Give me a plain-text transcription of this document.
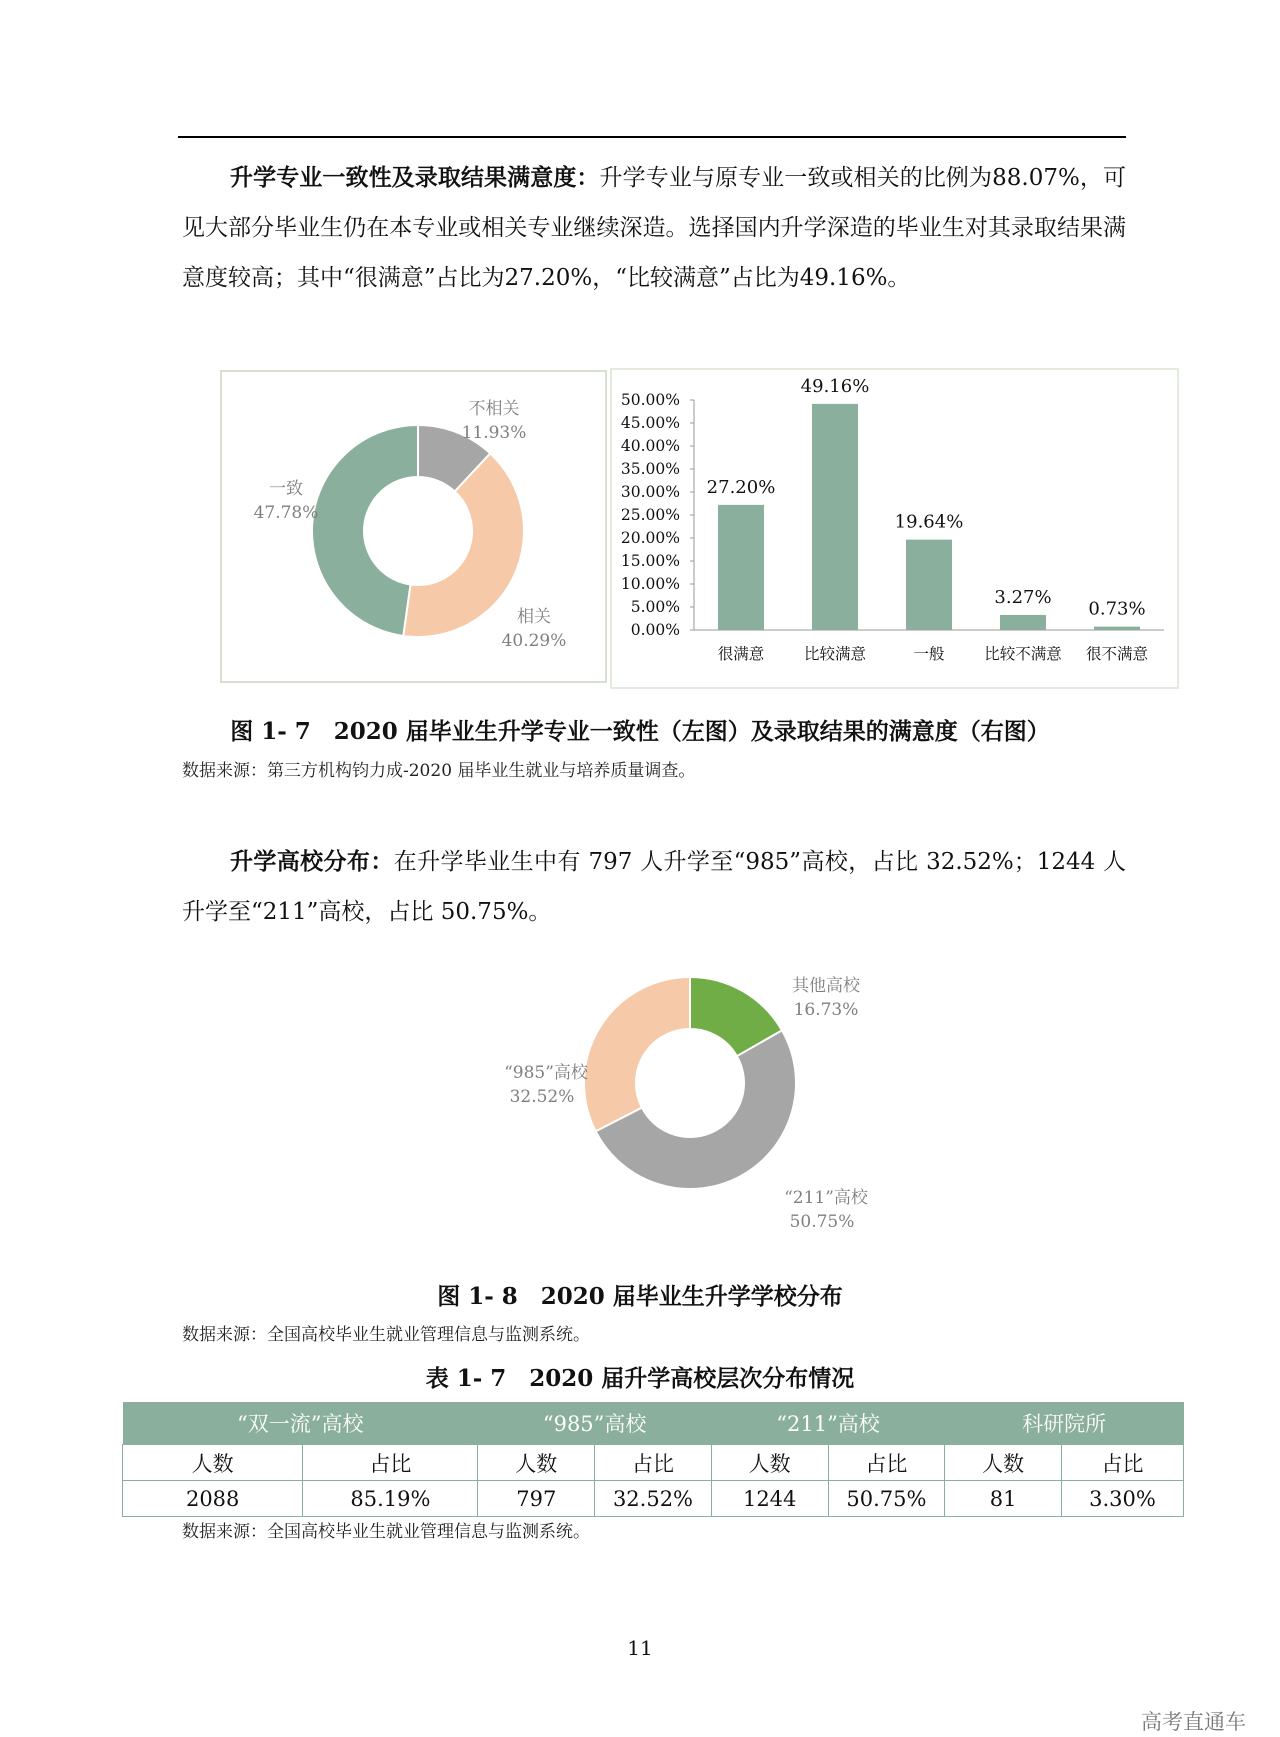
升学专业一致性及录取结果满意度：升学专业与原专业一致或相关的比例为88.07%，可见大部分毕业生仍在本专业或相关专业继续深造。选择国内升学深造的毕业生对其录取结果满意度较高；其中“很满意”占比为27.20%，“比较满意”占比为49.16%。
不相关
11.93%
相关
40.29%
一致
47.78%
0.00%
5.00%
10.00%
15.00%
20.00%
25.00%
30.00%
35.00%
40.00%
45.00%
50.00%
27.20%
很满意
49.16%
比较满意
19.64%
一般
3.27%
比较不满意
0.73%
很不满意
图 1- 7　2020 届毕业生升学专业一致性（左图）及录取结果的满意度（右图）
数据来源：第三方机构钧力成-2020 届毕业生就业与培养质量调查。
升学高校分布：在升学毕业生中有 797 人升学至“985”高校，占比 32.52%；1244 人升学至“211”高校，占比 50.75%。
其他高校
16.73%
“211”高校
50.75%
“985”高校
32.52%
图 1- 8　2020 届毕业生升学学校分布
数据来源：全国高校毕业生就业管理信息与监测系统。
表 1- 7　2020 届升学高校层次分布情况
“双一流”高校		“985”高校		“211”高校		科研院所	
人数	占比	人数	占比	人数	占比	人数	占比
2088	85.19%	797	32.52%	1244	50.75%	81	3.30%
数据来源：全国高校毕业生就业管理信息与监测系统。
11
高考直通车
